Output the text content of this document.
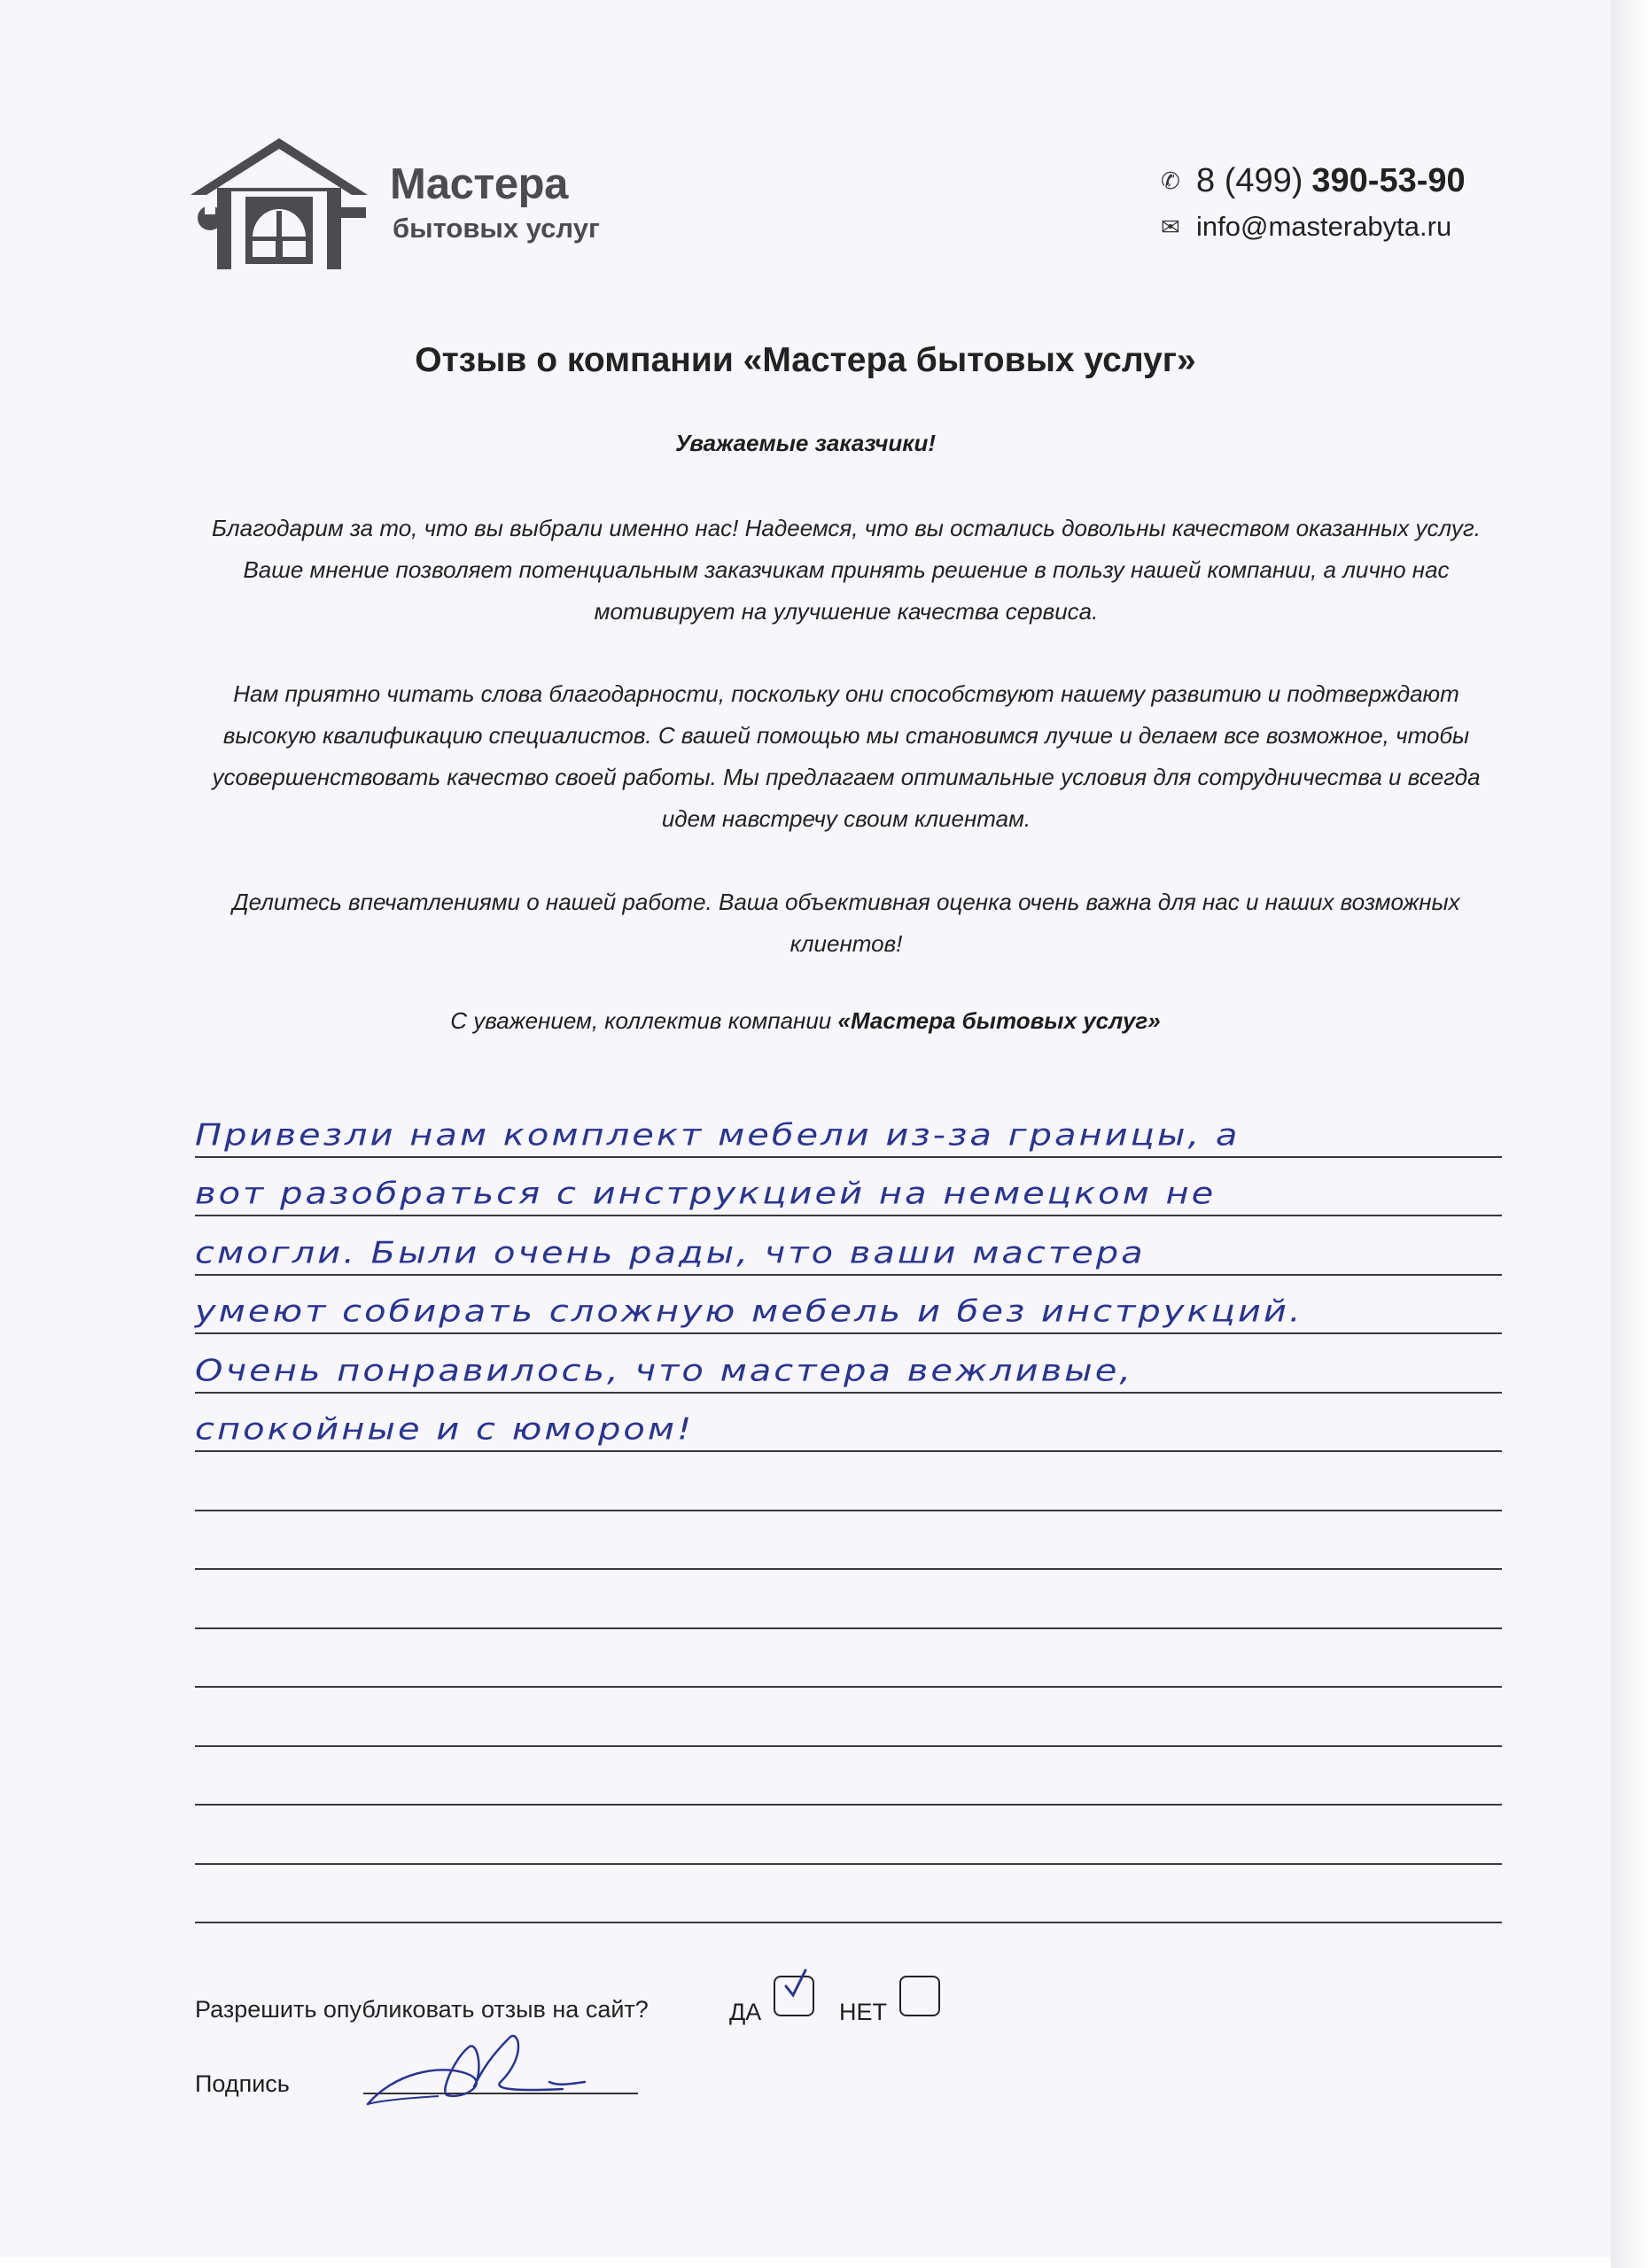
Мастера
бытовых услуг
✆ 8 (499) 390-53-90
✉ info@masterabyta.ru
Отзыв о компании «Мастера бытовых услуг»
Уважаемые заказчики!
Благодарим за то, что вы выбрали именно нас! Надеемся, что вы остались довольны качеством оказанных услуг. Ваше мнение позволяет потенциальным заказчикам принять решение в пользу нашей компании, а лично нас мотивирует на улучшение качества сервиса.
Нам приятно читать слова благодарности, поскольку они способствуют нашему развитию и подтверждают высокую квалификацию специалистов. С вашей помощью мы становимся лучше и делаем все возможное, чтобы усовершенствовать качество своей работы. Мы предлагаем оптимальные условия для сотрудничества и всегда идем навстречу своим клиентам.
Делитесь впечатлениями о нашей работе. Ваша объективная оценка очень важна для нас и наших возможных клиентов!
С уважением, коллектив компании «Мастера бытовых услуг»
Привезли нам комплект мебели из-за границы, а
вот разобраться с инструкцией на немецком не
смогли. Были очень рады, что ваши мастера
умеют собирать сложную мебель и без инструкций.
Очень понравилось, что мастера вежливые,
спокойные и с юмором!
Разрешить опубликовать отзыв на сайт?	ДА	НЕТ
Подпись
